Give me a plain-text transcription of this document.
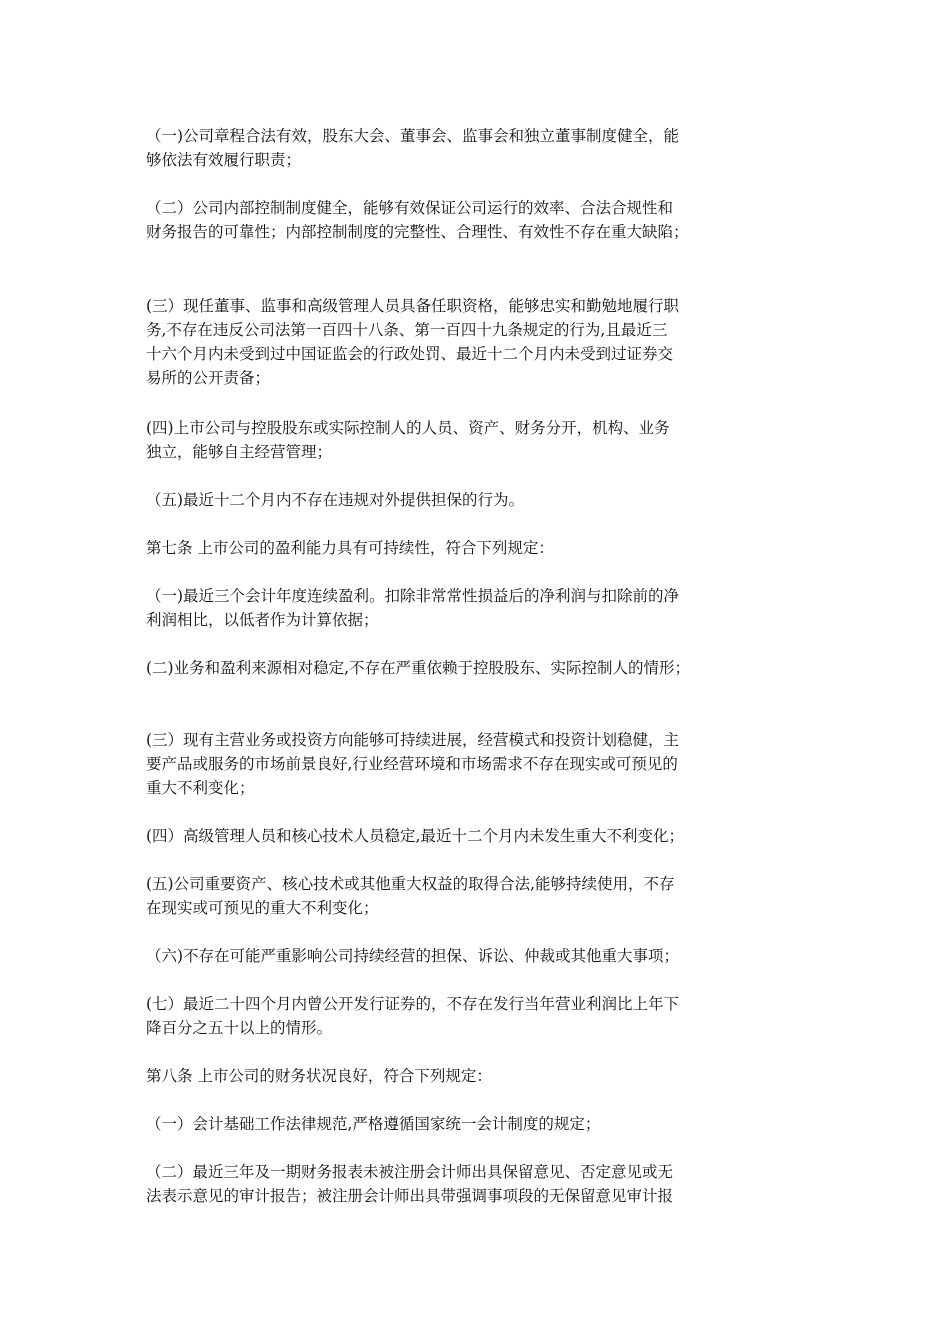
（一)公司章程合法有效，股东大会、董事会、监事会和独立董事制度健全，能
够依法有效履行职责；
（二）公司内部控制制度健全，能够有效保证公司运行的效率、合法合规性和
财务报告的可靠性；内部控制制度的完整性、合理性、有效性不存在重大缺陷；
(三）现任董事、监事和高级管理人员具备任职资格，能够忠实和勤勉地履行职
务,不存在违反公司法第一百四十八条、第一百四十九条规定的行为,且最近三
十六个月内未受到过中国证监会的行政处罚、最近十二个月内未受到过证券交
易所的公开责备；
(四)上市公司与控股股东或实际控制人的人员、资产、财务分开，机构、业务
独立，能够自主经营管理；
（五)最近十二个月内不存在违规对外提供担保的行为。
第七条 上市公司的盈利能力具有可持续性，符合下列规定：
（一)最近三个会计年度连续盈利。扣除非常常性损益后的净利润与扣除前的净
利润相比，以低者作为计算依据；
(二)业务和盈利来源相对稳定,不存在严重依赖于控股股东、实际控制人的情形；
(三）现有主营业务或投资方向能够可持续进展，经营模式和投资计划稳健，主
要产品或服务的市场前景良好,行业经营环境和市场需求不存在现实或可预见的
重大不利变化；
(四）高级管理人员和核心技术人员稳定,最近十二个月内未发生重大不利变化；
(五)公司重要资产、核心技术或其他重大权益的取得合法,能够持续使用，不存
在现实或可预见的重大不利变化；
（六)不存在可能严重影响公司持续经营的担保、诉讼、仲裁或其他重大事项；
(七）最近二十四个月内曾公开发行证券的，不存在发行当年营业利润比上年下
降百分之五十以上的情形。
第八条 上市公司的财务状况良好，符合下列规定：
（一）会计基础工作法律规范,严格遵循国家统一会计制度的规定；
（二）最近三年及一期财务报表未被注册会计师出具保留意见、否定意见或无
法表示意见的审计报告；被注册会计师出具带强调事项段的无保留意见审计报
